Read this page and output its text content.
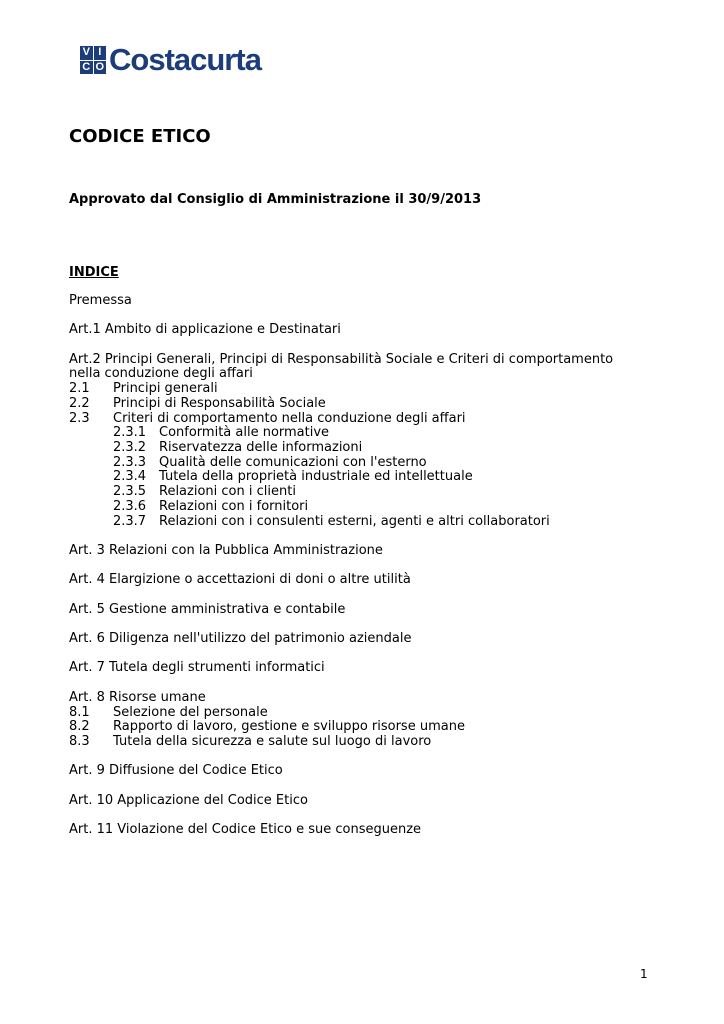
V I
C O Costacurta
CODICE ETICO
Approvato dal Consiglio di Amministrazione il 30/9/2013
INDICE
Premessa
Art.1 Ambito di applicazione e Destinatari
Art.2 Principi Generali, Principi di Responsabilità Sociale e Criteri di comportamento
nella conduzione degli affari
2.1	Principi generali
2.2	Principi di Responsabilità Sociale
2.3	Criteri di comportamento nella conduzione degli affari
2.3.1 Conformità alle normative
2.3.2 Riservatezza delle informazioni
2.3.3 Qualità delle comunicazioni con l'esterno
2.3.4 Tutela della proprietà industriale ed intellettuale
2.3.5 Relazioni con i clienti
2.3.6 Relazioni con i fornitori
2.3.7 Relazioni con i consulenti esterni, agenti e altri collaboratori
Art. 3 Relazioni con la Pubblica Amministrazione
Art. 4 Elargizione o accettazioni di doni o altre utilità
Art. 5 Gestione amministrativa e contabile
Art. 6 Diligenza nell'utilizzo del patrimonio aziendale
Art. 7 Tutela degli strumenti informatici
Art. 8 Risorse umane
8.1	Selezione del personale
8.2	Rapporto di lavoro, gestione e sviluppo risorse umane
8.3	Tutela della sicurezza e salute sul luogo di lavoro
Art. 9 Diffusione del Codice Etico
Art. 10 Applicazione del Codice Etico
Art. 11 Violazione del Codice Etico e sue conseguenze
1
